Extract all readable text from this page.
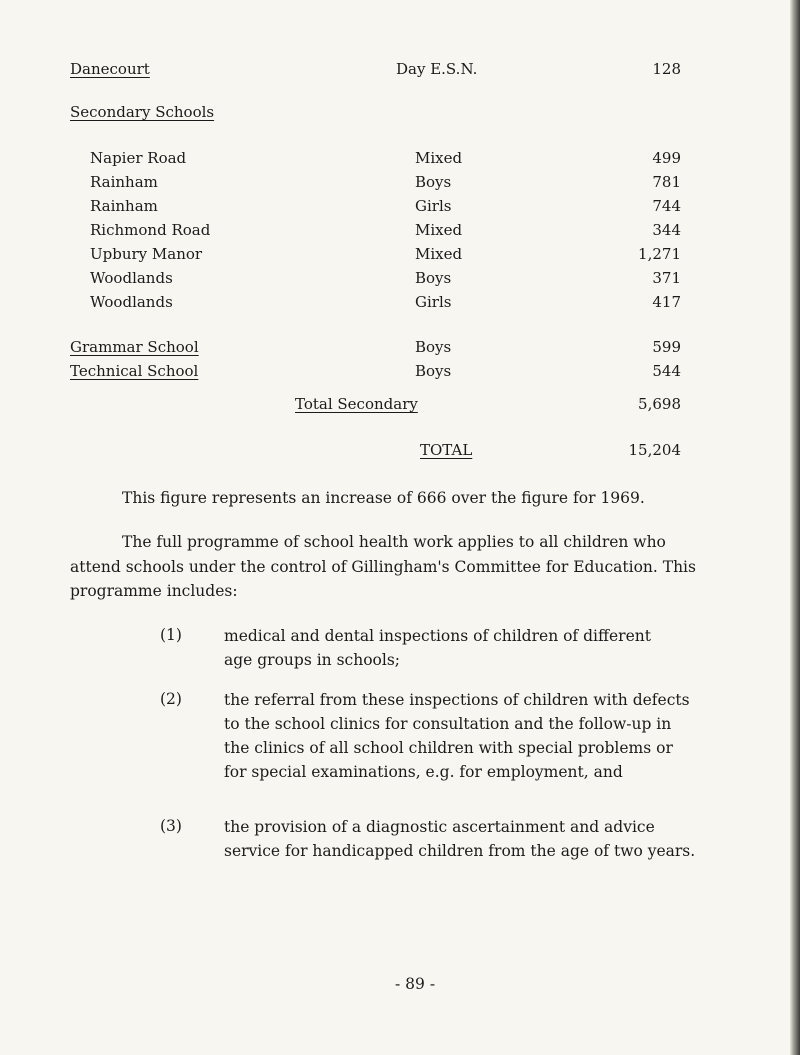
Danecourt	Day E.S.N.	128
Secondary Schools
Napier Road	Mixed	499
Rainham	Boys	781
Rainham	Girls	744
Richmond Road	Mixed	344
Upbury Manor	Mixed	1,271
Woodlands	Boys	371
Woodlands	Girls	417
Grammar School	Boys	599
Technical School	Boys	544
Total Secondary	5,698
TOTAL	15,204
This figure represents an increase of 666 over the figure for 1969.
The full programme of school health work applies to all children who
attend schools under the control of Gillingham's Committee for Education. This
programme includes:
(1)	medical and dental inspections of children of different
age groups in schools;
(2)	the referral from these inspections of children with defects
to the school clinics for consultation and the follow-up in
the clinics of all school children with special problems or
for special examinations, e.g. for employment, and
(3)	the provision of a diagnostic ascertainment and advice
service for handicapped children from the age of two years.
- 89 -
